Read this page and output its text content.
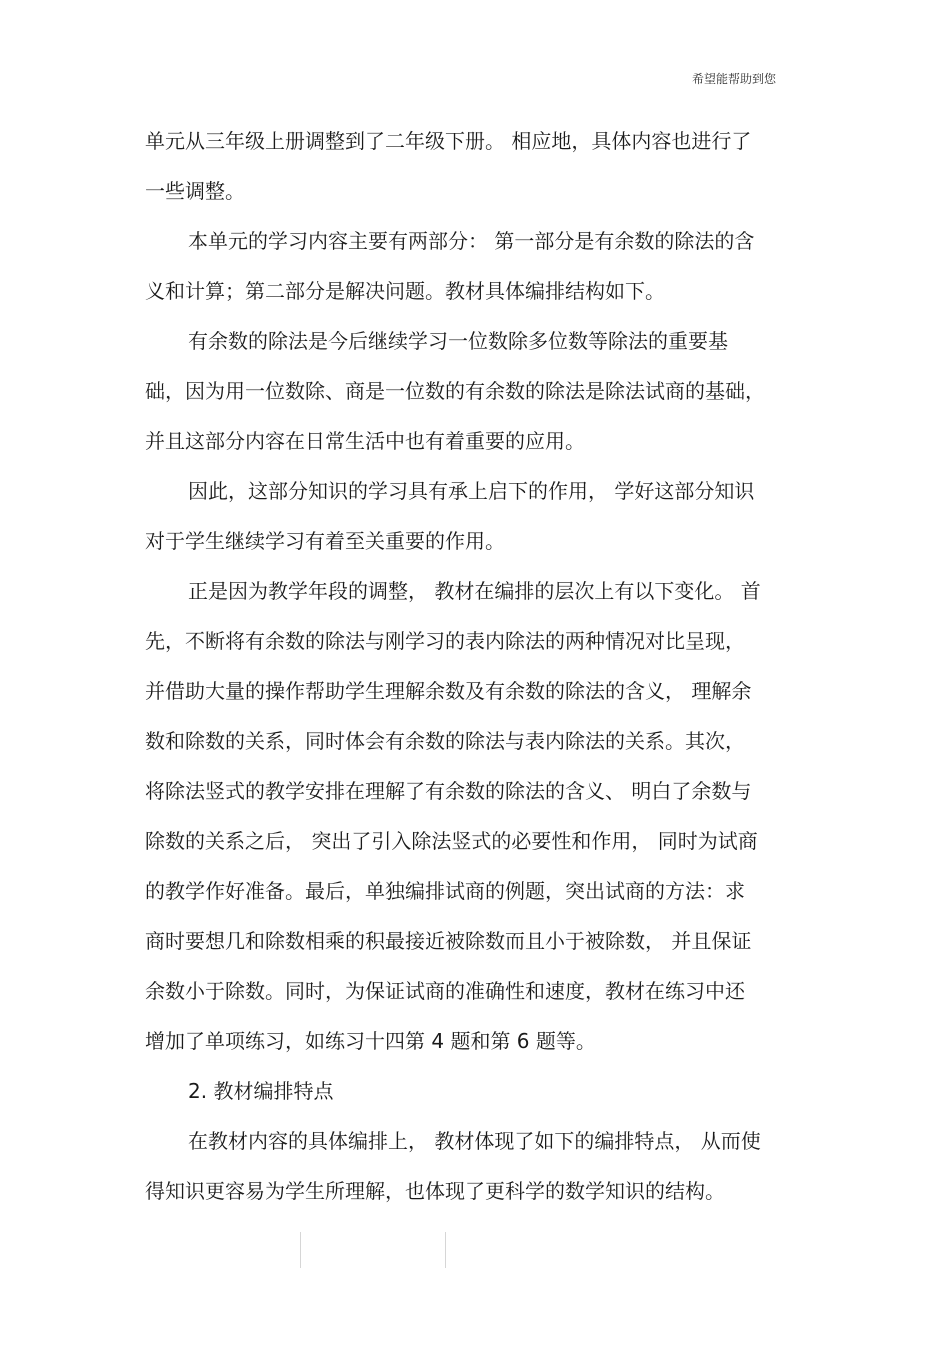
希望能帮助到您
单元从三年级上册调整到了二年级下册。 相应地，具体内容也进行了
一些调整。
本单元的学习内容主要有两部分： 第一部分是有余数的除法的含
义和计算；第二部分是解决问题。教材具体编排结构如下。
有余数的除法是今后继续学习一位数除多位数等除法的重要基
础，因为用一位数除、商是一位数的有余数的除法是除法试商的基础，
并且这部分内容在日常生活中也有着重要的应用。
因此，这部分知识的学习具有承上启下的作用， 学好这部分知识
对于学生继续学习有着至关重要的作用。
正是因为教学年段的调整， 教材在编排的层次上有以下变化。 首
先，不断将有余数的除法与刚学习的表内除法的两种情况对比呈现，
并借助大量的操作帮助学生理解余数及有余数的除法的含义， 理解余
数和除数的关系，同时体会有余数的除法与表内除法的关系。其次，
将除法竖式的教学安排在理解了有余数的除法的含义、 明白了余数与
除数的关系之后， 突出了引入除法竖式的必要性和作用， 同时为试商
的教学作好准备。最后，单独编排试商的例题，突出试商的方法：求
商时要想几和除数相乘的积最接近被除数而且小于被除数， 并且保证
余数小于除数。同时，为保证试商的准确性和速度，教材在练习中还
增加了单项练习，如练习十四第 4 题和第 6 题等。
2. 教材编排特点
在教材内容的具体编排上， 教材体现了如下的编排特点， 从而使
得知识更容易为学生所理解，也体现了更科学的数学知识的结构。
